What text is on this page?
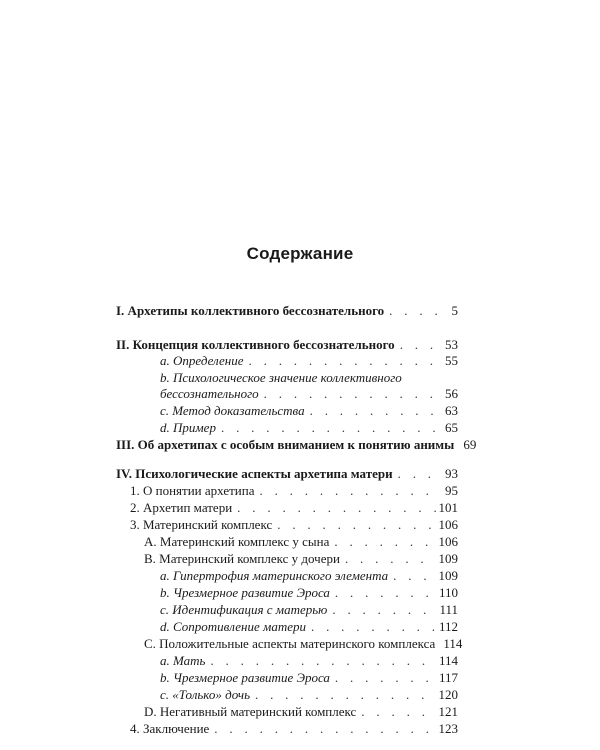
Содержание
I. Архетипы коллективного бессознательного . . .	5
II. Концепция коллективного бессознательного . . .	53
a. Определение . . .	55
b. Психологическое значение коллективного
бессознательного . . .	56
c. Метод доказательства . . .	63
d. Пример . . .	65
III. Об архетипах с особым вниманием к понятию анимы 69
IV. Психологические аспекты архетипа матери . . .	93
1. О понятии архетипа . . .	95
2. Архетип матери . . .	101
3. Материнский комплекс . . .	106
A. Материнский комплекс у сына . . .	106
B. Материнский комплекс у дочери . . .	109
a. Гипертрофия материнского элемента . . .	109
b. Чрезмерное развитие Эроса . . .	110
c. Идентификация с матерью . . .	111
d. Сопротивление матери . . .	112
C. Положительные аспекты материнского комплекса 114
a. Мать . . .	114
b. Чрезмерное развитие Эроса . . .	117
c. «Только» дочь . . .	120
D. Негативный материнский комплекс . . .	121
4. Заключение . . .	123
